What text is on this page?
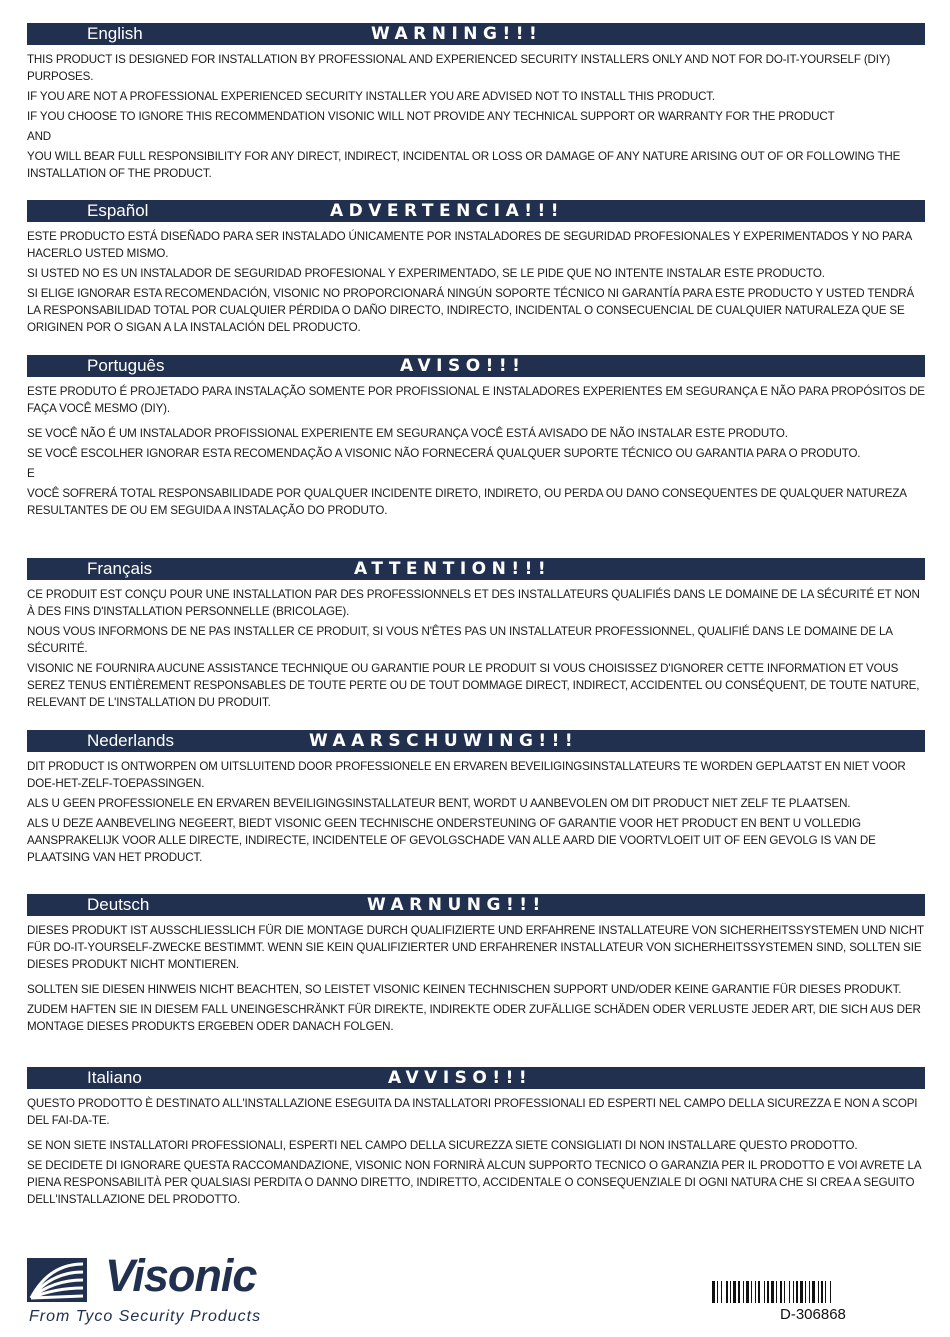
English	WARNING!!!

THIS PRODUCT IS DESIGNED FOR INSTALLATION BY PROFESSIONAL AND EXPERIENCED SECURITY INSTALLERS ONLY AND NOT FOR DO-IT-YOURSELF (DIY) PURPOSES.

IF YOU ARE NOT A PROFESSIONAL EXPERIENCED SECURITY INSTALLER YOU ARE ADVISED NOT TO INSTALL THIS PRODUCT.

IF YOU CHOOSE TO IGNORE THIS RECOMMENDATION VISONIC WILL NOT PROVIDE ANY TECHNICAL SUPPORT OR WARRANTY FOR THE PRODUCT

AND

YOU WILL BEAR FULL RESPONSIBILITY FOR ANY DIRECT, INDIRECT, INCIDENTAL OR LOSS OR DAMAGE OF ANY NATURE ARISING OUT OF OR FOLLOWING THE INSTALLATION OF THE PRODUCT.

Español	ADVERTENCIA!!!

ESTE PRODUCTO ESTÁ DISEÑADO PARA SER INSTALADO ÚNICAMENTE POR INSTALADORES DE SEGURIDAD PROFESIONALES Y EXPERIMENTADOS Y NO PARA HACERLO USTED MISMO.

SI USTED NO ES UN INSTALADOR DE SEGURIDAD PROFESIONAL Y EXPERIMENTADO, SE LE PIDE QUE NO INTENTE INSTALAR ESTE PRODUCTO.

SI ELIGE IGNORAR ESTA RECOMENDACIÓN, VISONIC NO PROPORCIONARÁ NINGÚN SOPORTE TÉCNICO NI GARANTÍA PARA ESTE PRODUCTO Y USTED TENDRÁ LA RESPONSABILIDAD TOTAL POR CUALQUIER PÉRDIDA O DAÑO DIRECTO, INDIRECTO, INCIDENTAL O CONSECUENCIAL DE CUALQUIER NATURALEZA QUE SE ORIGINEN POR O SIGAN A LA INSTALACIÓN DEL PRODUCTO.

Português	AVISO!!!

ESTE PRODUTO É PROJETADO PARA INSTALAÇÃO SOMENTE POR PROFISSIONAL E INSTALADORES EXPERIENTES EM SEGURANÇA E NÃO PARA PROPÓSITOS DE FAÇA VOCÊ MESMO (DIY).

SE VOCÊ NÃO É UM INSTALADOR PROFISSIONAL EXPERIENTE EM SEGURANÇA VOCÊ ESTÁ AVISADO DE NÃO INSTALAR ESTE PRODUTO.

SE VOCÊ ESCOLHER IGNORAR ESTA RECOMENDAÇÃO A VISONIC NÃO FORNECERÁ QUALQUER SUPORTE TÉCNICO OU GARANTIA PARA O PRODUTO.

E

VOCÊ SOFRERÁ TOTAL RESPONSABILIDADE POR QUALQUER INCIDENTE DIRETO, INDIRETO, OU PERDA OU DANO CONSEQUENTES DE QUALQUER NATUREZA RESULTANTES DE OU EM SEGUIDA A INSTALAÇÃO DO PRODUTO.

Français	ATTENTION!!!

CE PRODUIT EST CONÇU POUR UNE INSTALLATION PAR DES PROFESSIONNELS ET DES INSTALLATEURS QUALIFIÉS DANS LE DOMAINE DE LA SÉCURITÉ ET NON À DES FINS D'INSTALLATION PERSONNELLE (BRICOLAGE).

NOUS VOUS INFORMONS DE NE PAS INSTALLER CE PRODUIT, SI VOUS N'ÊTES PAS UN INSTALLATEUR PROFESSIONNEL, QUALIFIÉ DANS LE DOMAINE DE LA SÉCURITÉ.

VISONIC NE FOURNIRA AUCUNE ASSISTANCE TECHNIQUE OU GARANTIE POUR LE PRODUIT SI VOUS CHOISISSEZ D'IGNORER CETTE INFORMATION ET VOUS SEREZ TENUS ENTIÈREMENT RESPONSABLES DE TOUTE PERTE OU DE TOUT DOMMAGE DIRECT, INDIRECT, ACCIDENTEL OU CONSÉQUENT, DE TOUTE NATURE, RELEVANT DE L'INSTALLATION DU PRODUIT.

Nederlands	WAARSCHUWING!!!

DIT PRODUCT IS ONTWORPEN OM UITSLUITEND DOOR PROFESSIONELE EN ERVAREN BEVEILIGINGSINSTALLATEURS TE WORDEN GEPLAATST EN NIET VOOR DOE-HET-ZELF-TOEPASSINGEN.

ALS U GEEN PROFESSIONELE EN ERVAREN BEVEILIGINGSINSTALLATEUR BENT, WORDT U AANBEVOLEN OM DIT PRODUCT NIET ZELF TE PLAATSEN.

ALS U DEZE AANBEVELING NEGEERT, BIEDT VISONIC GEEN TECHNISCHE ONDERSTEUNING OF GARANTIE VOOR HET PRODUCT EN BENT U VOLLEDIG AANSPRAKELIJK VOOR ALLE DIRECTE, INDIRECTE, INCIDENTELE OF GEVOLGSCHADE VAN ALLE AARD DIE VOORTVLOEIT UIT OF EEN GEVOLG IS VAN DE PLAATSING VAN HET PRODUCT.

Deutsch	WARNUNG!!!

DIESES PRODUKT IST AUSSCHLIESSLICH FÜR DIE MONTAGE DURCH QUALIFIZIERTE UND ERFAHRENE INSTALLATEURE VON SICHERHEITSSYSTEMEN UND NICHT FÜR DO-IT-YOURSELF-ZWECKE BESTIMMT. WENN SIE KEIN QUALIFIZIERTER UND ERFAHRENER INSTALLATEUR VON SICHERHEITSSYSTEMEN SIND, SOLLTEN SIE DIESES PRODUKT NICHT MONTIEREN.

SOLLTEN SIE DIESEN HINWEIS NICHT BEACHTEN, SO LEISTET VISONIC KEINEN TECHNISCHEN SUPPORT UND/ODER KEINE GARANTIE FÜR DIESES PRODUKT.

ZUDEM HAFTEN SIE IN DIESEM FALL UNEINGESCHRÄNKT FÜR DIREKTE, INDIREKTE ODER ZUFÄLLIGE SCHÄDEN ODER VERLUSTE JEDER ART, DIE SICH AUS DER MONTAGE DIESES PRODUKTS ERGEBEN ODER DANACH FOLGEN.

Italiano	AVVISO!!!

QUESTO PRODOTTO È DESTINATO ALL'INSTALLAZIONE ESEGUITA DA INSTALLATORI PROFESSIONALI ED ESPERTI NEL CAMPO DELLA SICUREZZA E NON A SCOPI DEL FAI-DA-TE.

SE NON SIETE INSTALLATORI PROFESSIONALI, ESPERTI NEL CAMPO DELLA SICUREZZA SIETE CONSIGLIATI DI NON INSTALLARE QUESTO PRODOTTO.

SE DECIDETE DI IGNORARE QUESTA RACCOMANDAZIONE, VISONIC NON FORNIRÀ ALCUN SUPPORTO TECNICO O GARANZIA PER IL PRODOTTO E VOI AVRETE LA PIENA RESPONSABILITÀ PER QUALSIASI PERDITA O DANNO DIRETTO, INDIRETTO, ACCIDENTALE O CONSEQUENZIALE DI OGNI NATURA CHE SI CREA A SEGUITO DELL'INSTALLAZIONE DEL PRODOTTO.

Visonic
From Tyco Security Products	D-306868
